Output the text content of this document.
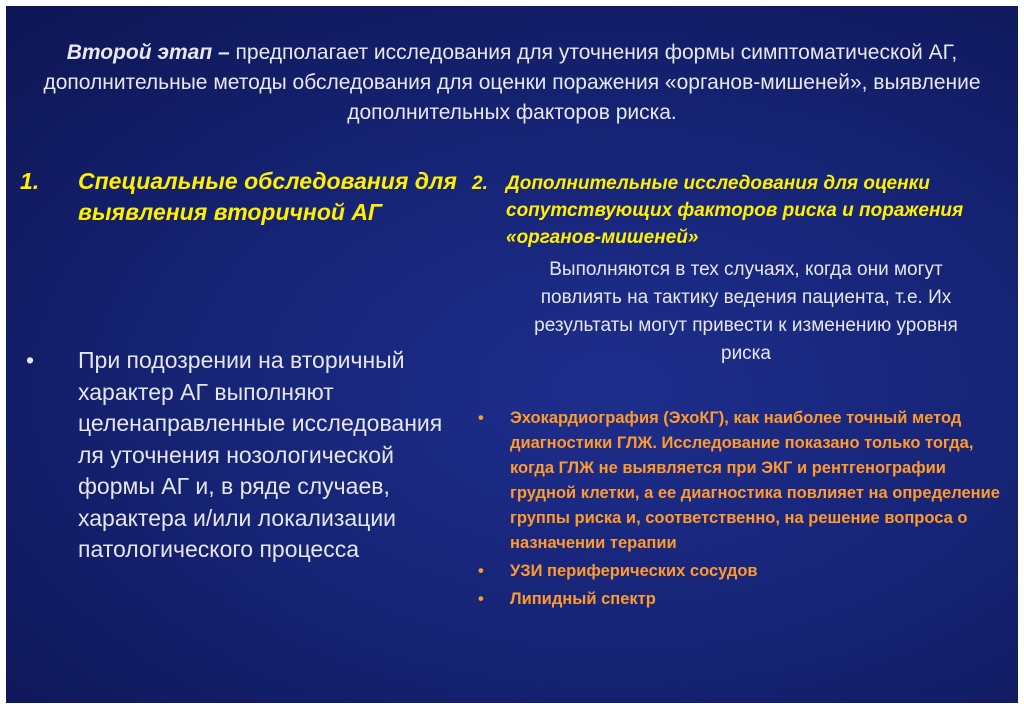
Второй этап – предполагает исследования для уточнения формы симптоматической АГ, дополнительные методы обследования для оценки поражения «органов-мишеней», выявление дополнительных факторов риска.
1. Специальные обследования для выявления вторичной АГ
• При подозрении на вторичный характер АГ выполняют целенаправленные исследования ля уточнения нозологической формы АГ и, в ряде случаев, характера и/или локализации патологического процесса
2. Дополнительные исследования для оценки сопутствующих факторов риска и поражения «органов-мишеней»
Выполняются в тех случаях, когда они могут повлиять на тактику ведения пациента, т.е. Их результаты могут привести к изменению уровня риска
• Эхокардиография (ЭхоКГ), как наиболее точный метод диагностики ГЛЖ. Исследование показано только тогда, когда ГЛЖ не выявляется при ЭКГ и рентгенографии грудной клетки, а ее диагностика повлияет на определение группы риска и, соответственно, на решение вопроса о назначении терапии
• УЗИ периферических сосудов
• Липидный спектр
